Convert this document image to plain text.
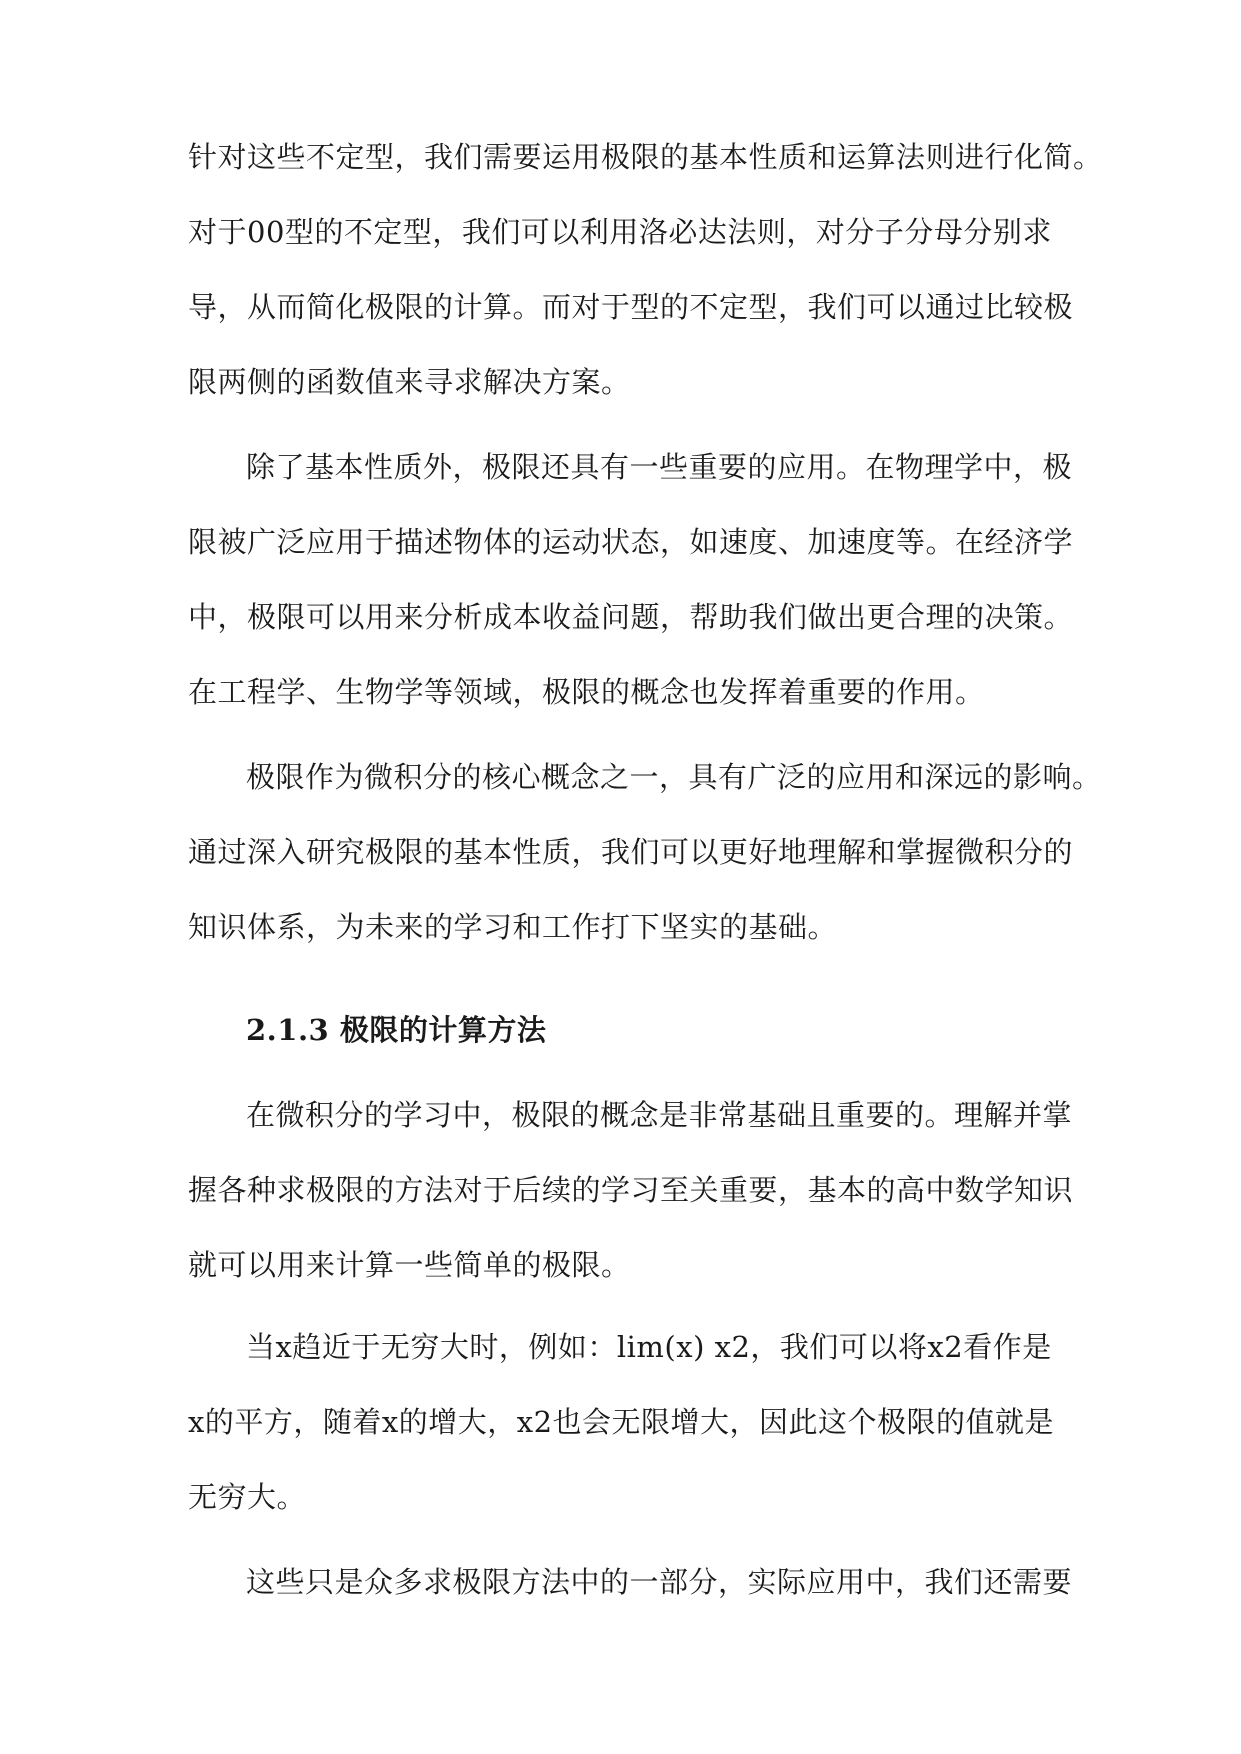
针对这些不定型，我们需要运用极限的基本性质和运算法则进行化简。
对于00型的不定型，我们可以利用洛必达法则，对分子分母分别求
导，从而简化极限的计算。而对于型的不定型，我们可以通过比较极
限两侧的函数值来寻求解决方案。
除了基本性质外，极限还具有一些重要的应用。在物理学中，极
限被广泛应用于描述物体的运动状态，如速度、加速度等。在经济学
中，极限可以用来分析成本收益问题，帮助我们做出更合理的决策。
在工程学、生物学等领域，极限的概念也发挥着重要的作用。
极限作为微积分的核心概念之一，具有广泛的应用和深远的影响。
通过深入研究极限的基本性质，我们可以更好地理解和掌握微积分的
知识体系，为未来的学习和工作打下坚实的基础。
2.1.3 极限的计算方法
在微积分的学习中，极限的概念是非常基础且重要的。理解并掌
握各种求极限的方法对于后续的学习至关重要，基本的高中数学知识
就可以用来计算一些简单的极限。
当x趋近于无穷大时，例如：lim(x) x2，我们可以将x2看作是
x的平方，随着x的增大，x2也会无限增大，因此这个极限的值就是
无穷大。
这些只是众多求极限方法中的一部分，实际应用中，我们还需要
